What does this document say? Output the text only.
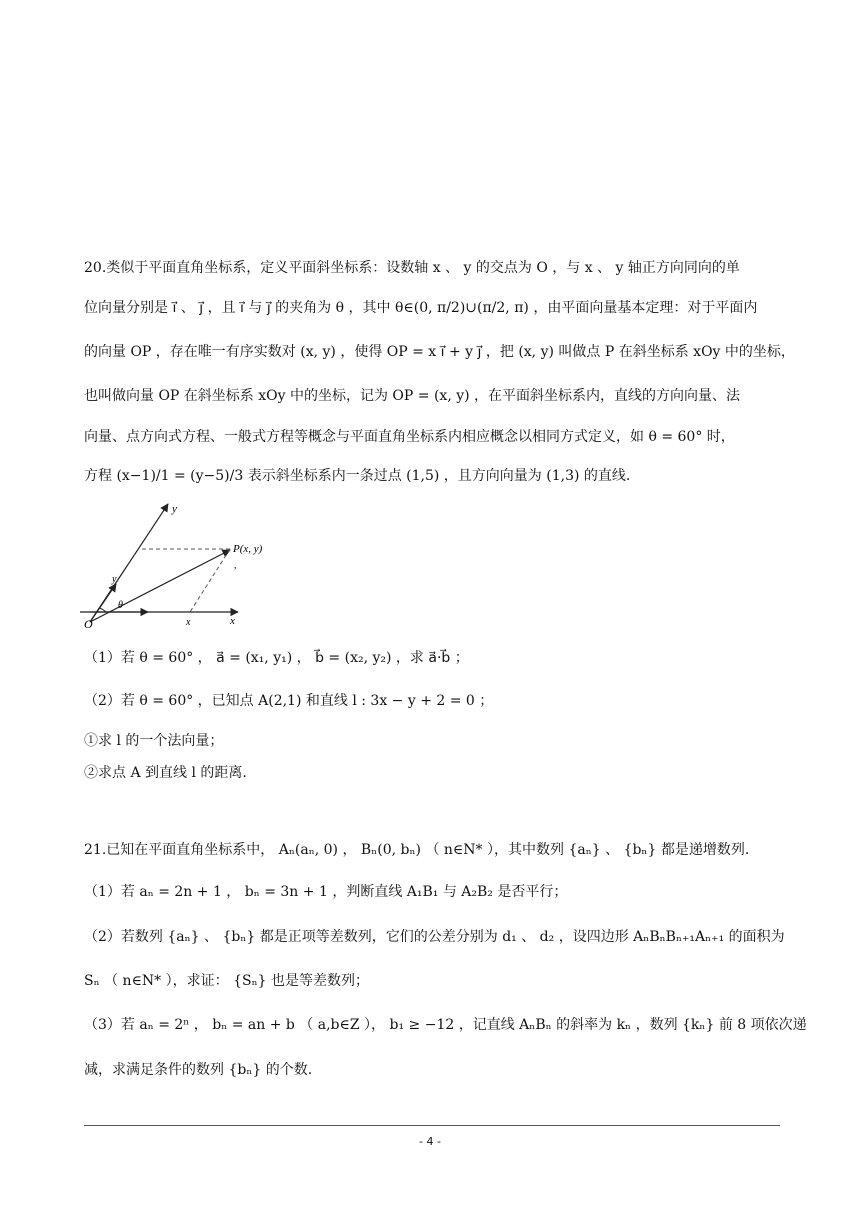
20.类似于平面直角坐标系，定义平面斜坐标系：设数轴 x 、 y 的交点为 O ，与 x 、 y 轴正方向同向的单
位向量分别是 i⃗ 、 j⃗ ，且 i⃗ 与 j⃗ 的夹角为 θ ，其中 θ∈(0, π/2)∪(π/2, π) ，由平面向量基本定理：对于平面内
的向量 OP ，存在唯一有序实数对 (x, y) ，使得 OP = x i⃗ + y j⃗ ，把 (x, y) 叫做点 P 在斜坐标系 xOy 中的坐标，
也叫做向量 OP 在斜坐标系 xOy 中的坐标，记为 OP = (x, y) ，在平面斜坐标系内，直线的方向向量、法
向量、点方向式方程、一般式方程等概念与平面直角坐标系内相应概念以相同方式定义，如 θ = 60° 时，
方程 (x−1)/1 = (y−5)/3 表示斜坐标系内一条过点 (1,5) ，且方向向量为 (1,3) 的直线.
y
x
O
θ
P(x, y)
y
x
,
（1）若 θ = 60° ， a⃗ = (x₁, y₁) ， b⃗ = (x₂, y₂) ，求 a⃗·b⃗ ；
（2）若 θ = 60° ，已知点 A(2,1) 和直线 l : 3x − y + 2 = 0 ；
①求 l 的一个法向量；
②求点 A 到直线 l 的距离.
21.已知在平面直角坐标系中， Aₙ(aₙ, 0) ， Bₙ(0, bₙ) （ n∈N* ），其中数列 {aₙ} 、 {bₙ} 都是递增数列.
（1）若 aₙ = 2n + 1 ， bₙ = 3n + 1 ，判断直线 A₁B₁ 与 A₂B₂ 是否平行；
（2）若数列 {aₙ} 、 {bₙ} 都是正项等差数列，它们的公差分别为 d₁ 、 d₂ ，设四边形 AₙBₙBₙ₊₁Aₙ₊₁ 的面积为
Sₙ （ n∈N* ），求证： {Sₙ} 也是等差数列；
（3）若 aₙ = 2ⁿ ， bₙ = an + b （ a,b∈Z ）， b₁ ≥ −12 ，记直线 AₙBₙ 的斜率为 kₙ ，数列 {kₙ} 前 8 项依次递
减，求满足条件的数列 {bₙ} 的个数.
- 4 -
